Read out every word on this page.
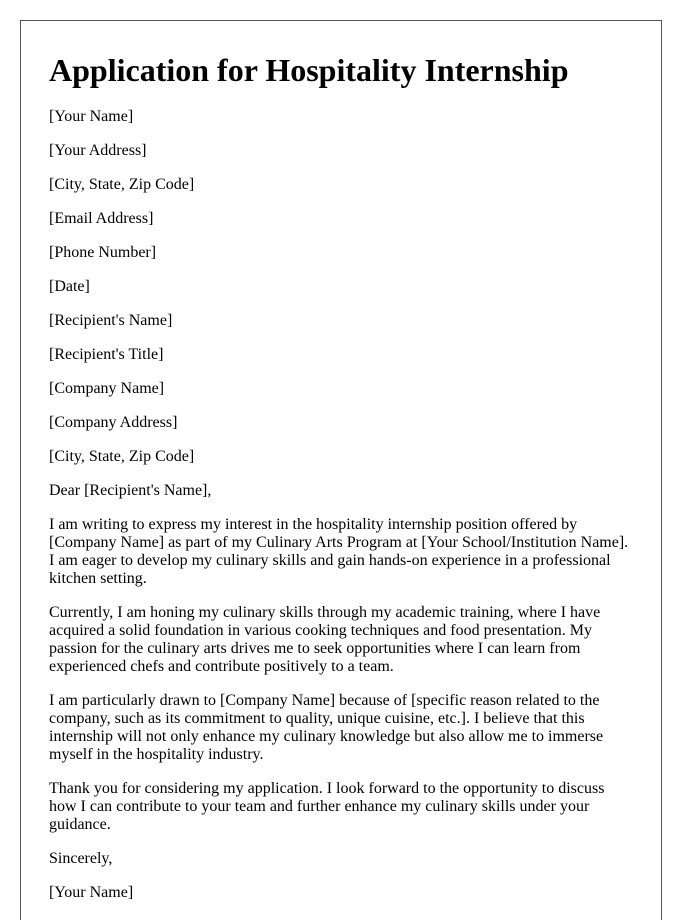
Application for Hospitality Internship

[Your Name]

[Your Address]

[City, State, Zip Code]

[Email Address]

[Phone Number]

[Date]

[Recipient's Name]

[Recipient's Title]

[Company Name]

[Company Address]

[City, State, Zip Code]

Dear [Recipient's Name],

I am writing to express my interest in the hospitality internship position offered by [Company Name] as part of my Culinary Arts Program at [Your School/Institution Name]. I am eager to develop my culinary skills and gain hands-on experience in a professional kitchen setting.

Currently, I am honing my culinary skills through my academic training, where I have acquired a solid foundation in various cooking techniques and food presentation. My passion for the culinary arts drives me to seek opportunities where I can learn from experienced chefs and contribute positively to a team.

I am particularly drawn to [Company Name] because of [specific reason related to the company, such as its commitment to quality, unique cuisine, etc.]. I believe that this internship will not only enhance my culinary knowledge but also allow me to immerse myself in the hospitality industry.

Thank you for considering my application. I look forward to the opportunity to discuss how I can contribute to your team and further enhance my culinary skills under your guidance.

Sincerely,

[Your Name]
